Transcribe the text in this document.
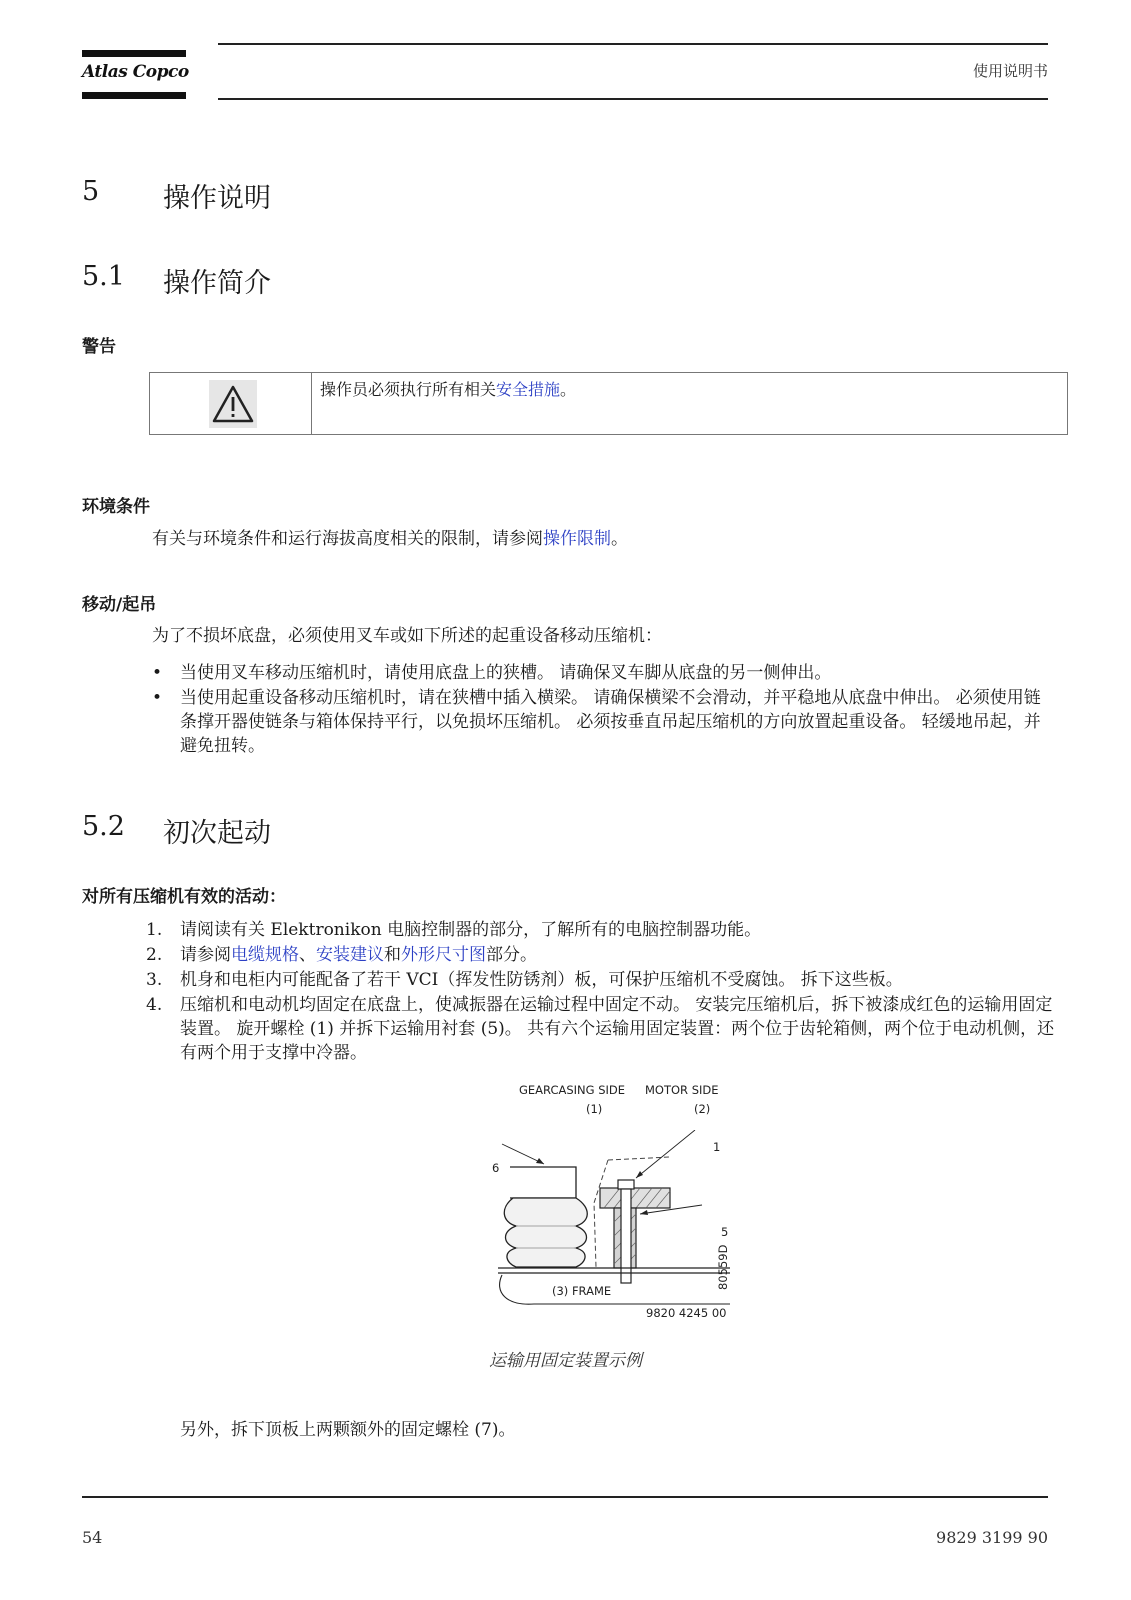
Atlas Copco	使用说明书
5 操作说明
5.1 操作简介
警告
操作员必须执行所有相关安全措施。
环境条件
有关与环境条件和运行海拔高度相关的限制，请参阅操作限制。
移动/起吊
为了不损坏底盘，必须使用叉车或如下所述的起重设备移动压缩机：
• 当使用叉车移动压缩机时，请使用底盘上的狭槽。 请确保叉车脚从底盘的另一侧伸出。
• 当使用起重设备移动压缩机时，请在狭槽中插入横梁。 请确保横梁不会滑动，并平稳地从底盘中伸出。 必须使用链条撑开器使链条与箱体保持平行，以免损坏压缩机。 必须按垂直吊起压缩机的方向放置起重设备。 轻缓地吊起，并避免扭转。
5.2 初次起动
对所有压缩机有效的活动：
1. 请阅读有关 Elektronikon 电脑控制器的部分，了解所有的电脑控制器功能。
2. 请参阅电缆规格、安装建议和外形尺寸图部分。
3. 机身和电柜内可能配备了若干 VCI（挥发性防锈剂）板，可保护压缩机不受腐蚀。 拆下这些板。
4. 压缩机和电动机均固定在底盘上，使减振器在运输过程中固定不动。 安装完压缩机后，拆下被漆成红色的运输用固定装置。 旋开螺栓 (1) 并拆下运输用衬套 (5)。 共有六个运输用固定装置：两个位于齿轮箱侧，两个位于电动机侧，还有两个用于支撑中冷器。
GEARCASING SIDE MOTOR SIDE
(1)	(2)
1
6
5
(3) FRAME
9820 4245 00
80559D
运输用固定装置示例
另外，拆下顶板上两颗额外的固定螺栓 (7)。
54	9829 3199 90
